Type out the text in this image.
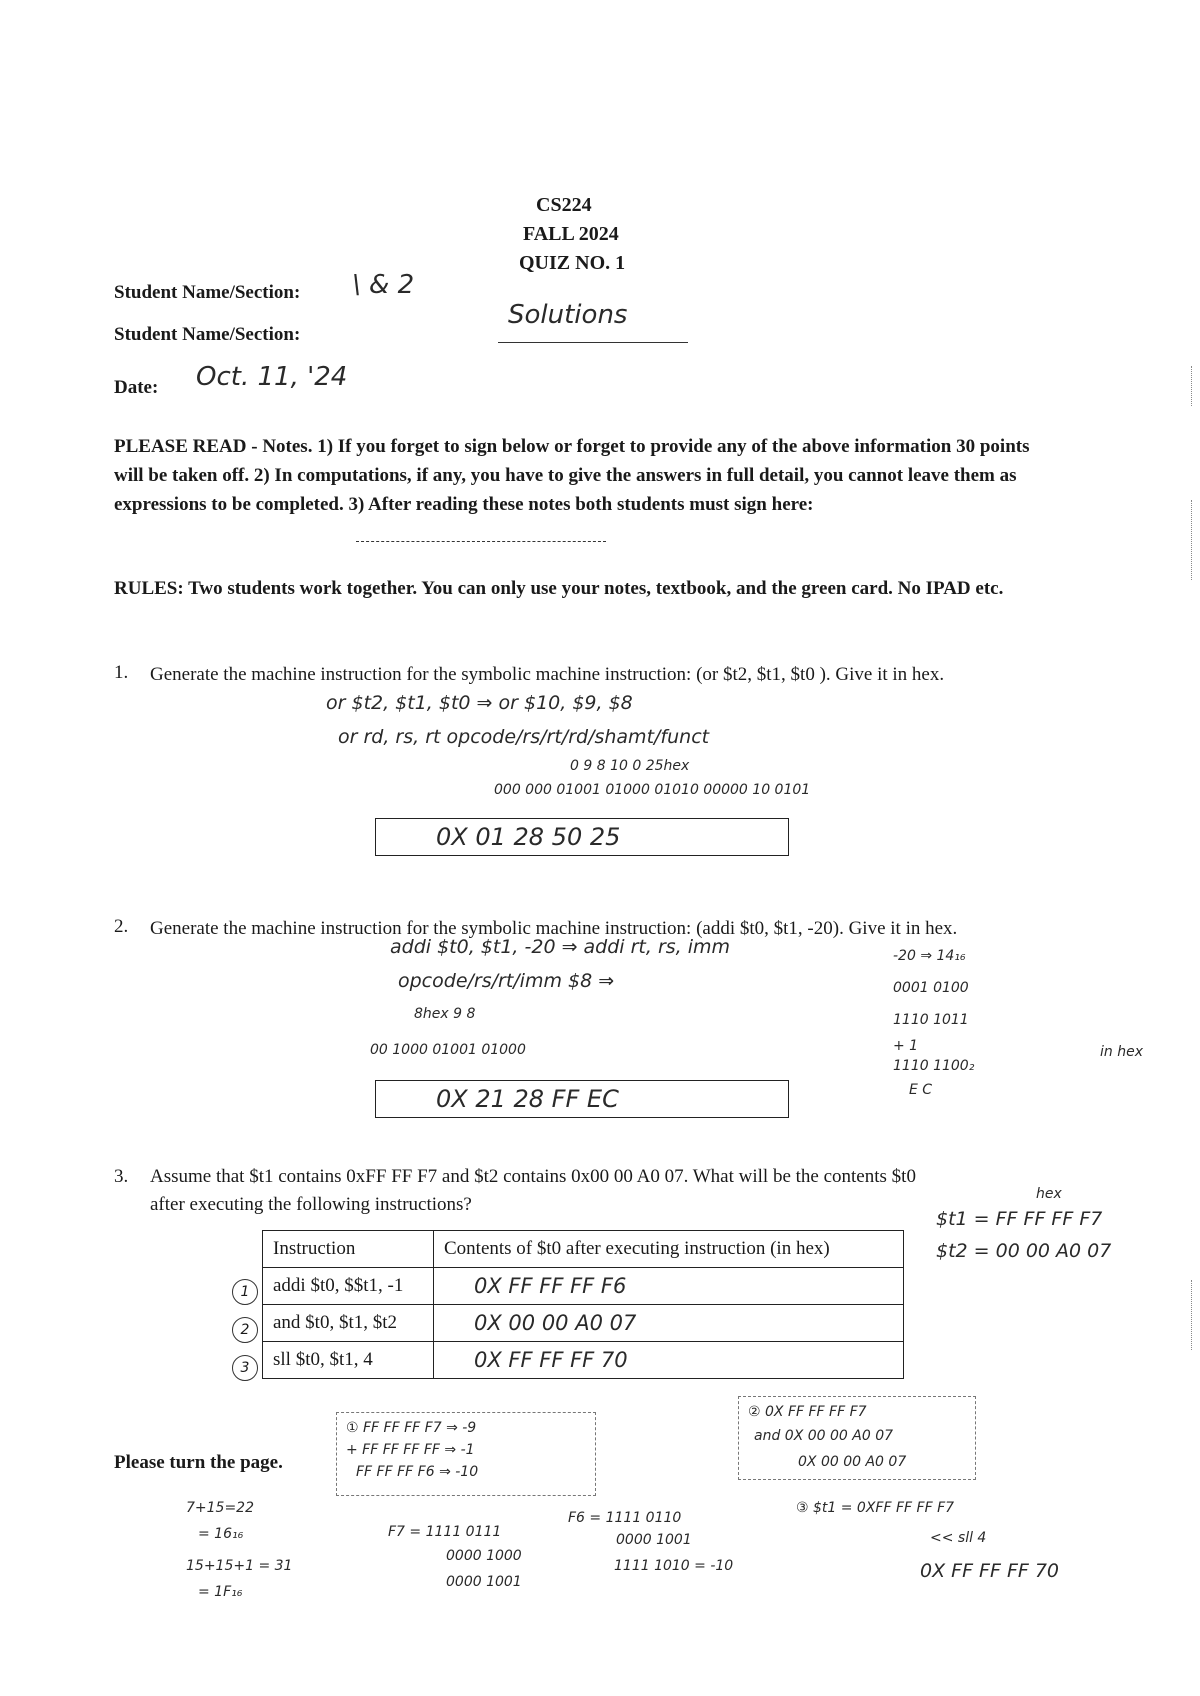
CS224
FALL 2024
QUIZ NO. 1
Student Name/Section: \ & 2
Solutions
Student Name/Section:
Date: Oct. 11, '24
PLEASE READ - Notes. 1) If you forget to sign below or forget to provide any of the above information 30 points will be taken off. 2) In computations, if any, you have to give the answers in full detail, you cannot leave them as expressions to be completed. 3) After reading these notes both students must sign here:
RULES: Two students work together. You can only use your notes, textbook, and the green card. No IPAD etc.
1. Generate the machine instruction for the symbolic machine instruction: (or $t2, $t1, $t0 ). Give it in hex.
or $t2, $t1, $t0 ⇒ or $10, $9, $8
or rd, rs, rt opcode/rs/rt/rd/shamt/funct
0 9 8 10 0 25hex
000 000 01001 01000 01010 00000 10 0101
0X 01 28 50 25
2. Generate the machine instruction for the symbolic machine instruction: (addi $t0, $t1, -20). Give it in hex.
addi $t0, $t1, -20 ⇒ addi rt, rs, imm
opcode/rs/rt/imm $8 ⇒
8hex 9 8
00 1000 01001 01000
-20 ⇒ 14₁₆
0001 0100
1110 1011
+ 1
1110 1100₂
E C
in hex
0X 21 28 FF EC
3. Assume that $t1 contains 0xFF FF F7 and $t2 contains 0x00 00 A0 07. What will be the contents $t0
after executing the following instructions?	hex
$t1 = FF FF FF F7
$t2 = 00 00 A0 07
Instruction	Contents of $t0 after executing instruction (in hex)
addi $t0, $$t1, -1	0X FF FF FF F6
and $t0, $t1, $t2	0X 00 00 A0 07
sll $t0, $t1, 4	0X FF FF FF 70
1
2
3
Please turn the page.
① FF FF FF F7 ⇒ -9
+ FF FF FF FF ⇒ -1
FF FF FF F6 ⇒ -10
② 0X FF FF FF F7
and 0X 00 00 A0 07
0X 00 00 A0 07
7+15=22
= 16₁₆
15+15+1 = 31
= 1F₁₆
F7 = 1111 0111
0000 1000
0000 1001
F6 = 1111 0110
0000 1001
1111 1010 = -10
③ $t1 = 0XFF FF FF F7
<< sll 4
0X FF FF FF 70
